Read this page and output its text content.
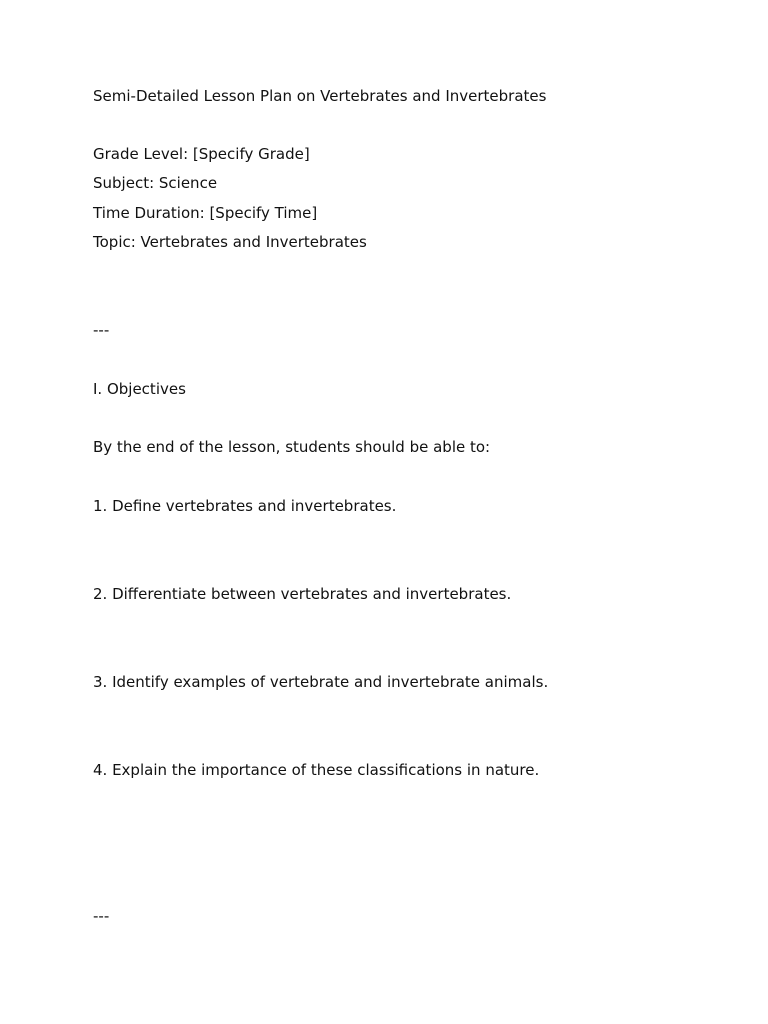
Semi-Detailed Lesson Plan on Vertebrates and Invertebrates
Grade Level: [Specify Grade]
Subject: Science
Time Duration: [Specify Time]
Topic: Vertebrates and Invertebrates
---
I. Objectives
By the end of the lesson, students should be able to:
1. Define vertebrates and invertebrates.
2. Differentiate between vertebrates and invertebrates.
3. Identify examples of vertebrate and invertebrate animals.
4. Explain the importance of these classifications in nature.
---
